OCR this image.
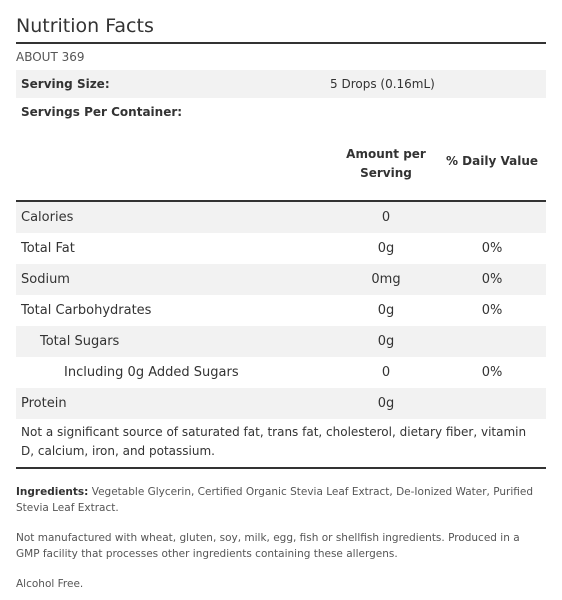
Nutrition Facts
ABOUT 369
Serving Size:	5 Drops (0.16mL)
Servings Per Container:
Amount per
Serving
% Daily Value
Calories	0
Total Fat	0g	0%
Sodium	0mg	0%
Total Carbohydrates	0g	0%
Total Sugars	0g
Including 0g Added Sugars	0	0%
Protein	0g
Not a significant source of saturated fat, trans fat, cholesterol, dietary fiber, vitamin D, calcium, iron, and potassium.
Ingredients: Vegetable Glycerin, Certified Organic Stevia Leaf Extract, De-Ionized Water, Purified Stevia Leaf Extract.
Not manufactured with wheat, gluten, soy, milk, egg, fish or shellfish ingredients. Produced in a GMP facility that processes other ingredients containing these allergens.
Alcohol Free.
